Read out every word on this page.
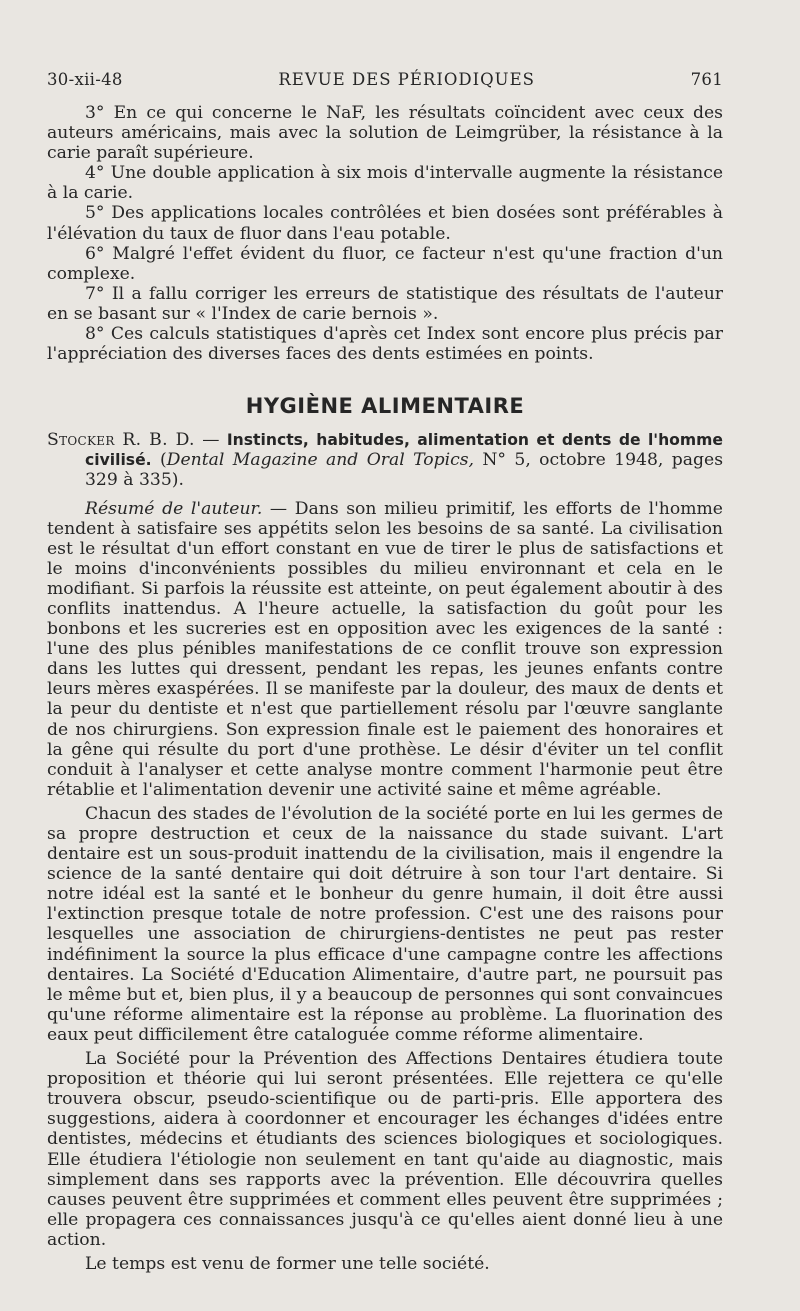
30-xii-48	REVUE DES PÉRIODIQUES	761

3° En ce qui concerne le NaF, les résultats coïncident avec ceux des auteurs américains, mais avec la solution de Leimgrüber, la résistance à la carie paraît supérieure.

4° Une double application à six mois d'intervalle augmente la résistance à la carie.

5° Des applications locales contrôlées et bien dosées sont préférables à l'élévation du taux de fluor dans l'eau potable.

6° Malgré l'effet évident du fluor, ce facteur n'est qu'une fraction d'un complexe.

7° Il a fallu corriger les erreurs de statistique des résultats de l'auteur en se basant sur « l'Index de carie bernois ».

8° Ces calculs statistiques d'après cet Index sont encore plus précis par l'appréciation des diverses faces des dents estimées en points.

HYGIÈNE ALIMENTAIRE
Stocker R. B. D. — Instincts, habitudes, alimentation et dents de l'homme civilisé. (Dental Magazine and Oral Topics, N° 5, octobre 1948, pages 329 à 335).

Résumé de l'auteur. — Dans son milieu primitif, les efforts de l'homme tendent à satisfaire ses appétits selon les besoins de sa santé. La civilisation est le résultat d'un effort constant en vue de tirer le plus de satisfactions et le moins d'inconvénients possibles du milieu environnant et cela en le modifiant. Si parfois la réussite est atteinte, on peut également aboutir à des conflits inattendus. A l'heure actuelle, la satisfaction du goût pour les bonbons et les sucreries est en opposition avec les exigences de la santé : l'une des plus pénibles manifestations de ce conflit trouve son expression dans les luttes qui dressent, pendant les repas, les jeunes enfants contre leurs mères exaspérées. Il se manifeste par la douleur, des maux de dents et la peur du dentiste et n'est que partiellement résolu par l'œuvre sanglante de nos chirurgiens. Son expression finale est le paiement des honoraires et la gêne qui résulte du port d'une prothèse. Le désir d'éviter un tel conflit conduit à l'analyser et cette analyse montre comment l'harmonie peut être rétablie et l'alimentation devenir une activité saine et même agréable.

Chacun des stades de l'évolution de la société porte en lui les germes de sa propre destruction et ceux de la naissance du stade suivant. L'art dentaire est un sous-produit inattendu de la civilisation, mais il engendre la science de la santé dentaire qui doit détruire à son tour l'art dentaire. Si notre idéal est la santé et le bonheur du genre humain, il doit être aussi l'extinction presque totale de notre profession. C'est une des raisons pour lesquelles une association de chirurgiens-dentistes ne peut pas rester indéfiniment la source la plus efficace d'une campagne contre les affections dentaires. La Société d'Education Alimentaire, d'autre part, ne poursuit pas le même but et, bien plus, il y a beaucoup de personnes qui sont convaincues qu'une réforme alimentaire est la réponse au problème. La fluorination des eaux peut difficilement être cataloguée comme réforme alimentaire.

La Société pour la Prévention des Affections Dentaires étudiera toute proposition et théorie qui lui seront présentées. Elle rejettera ce qu'elle trouvera obscur, pseudo-scientifique ou de parti-pris. Elle apportera des suggestions, aidera à coordonner et encourager les échanges d'idées entre dentistes, médecins et étudiants des sciences biologiques et sociologiques. Elle étudiera l'étiologie non seulement en tant qu'aide au diagnostic, mais simplement dans ses rapports avec la prévention. Elle découvrira quelles causes peuvent être supprimées et comment elles peuvent être supprimées ; elle propagera ces connaissances jusqu'à ce qu'elles aient donné lieu à une action.

Le temps est venu de former une telle société.
